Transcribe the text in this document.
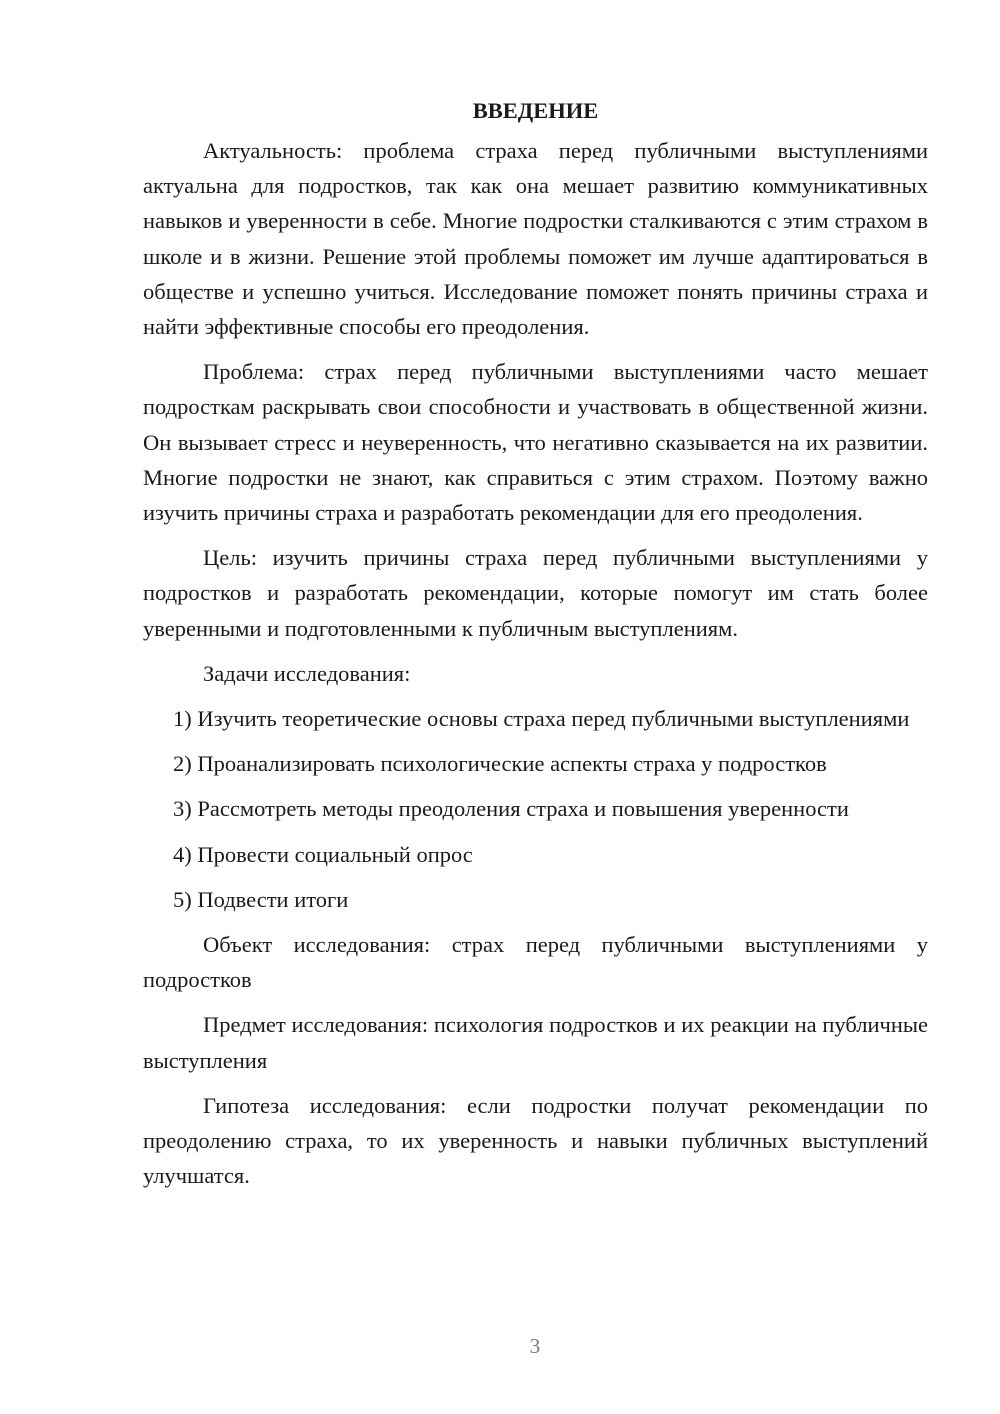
ВВЕДЕНИЕ

Актуальность: проблема страха перед публичными выступлениями актуальна для подростков, так как она мешает развитию коммуникативных навыков и уверенности в себе. Многие подростки сталкиваются с этим страхом в школе и в жизни. Решение этой проблемы поможет им лучше адаптироваться в обществе и успешно учиться. Исследование поможет понять причины страха и найти эффективные способы его преодоления.

Проблема: страх перед публичными выступлениями часто мешает подросткам раскрывать свои способности и участвовать в общественной жизни. Он вызывает стресс и неуверенность, что негативно сказывается на их развитии. Многие подростки не знают, как справиться с этим страхом. Поэтому важно изучить причины страха и разработать рекомендации для его преодоления.

Цель: изучить причины страха перед публичными выступлениями у подростков и разработать рекомендации, которые помогут им стать более уверенными и подготовленными к публичным выступлениям.

Задачи исследования:

1) Изучить теоретические основы страха перед публичными выступлениями

2) Проанализировать психологические аспекты страха у подростков

3) Рассмотреть методы преодоления страха и повышения уверенности

4) Провести социальный опрос

5) Подвести итоги

Объект исследования: страх перед публичными выступлениями у подростков

Предмет исследования: психология подростков и их реакции на публичные выступления

Гипотеза исследования: если подростки получат рекомендации по преодолению страха, то их уверенность и навыки публичных выступлений улучшатся.

3
